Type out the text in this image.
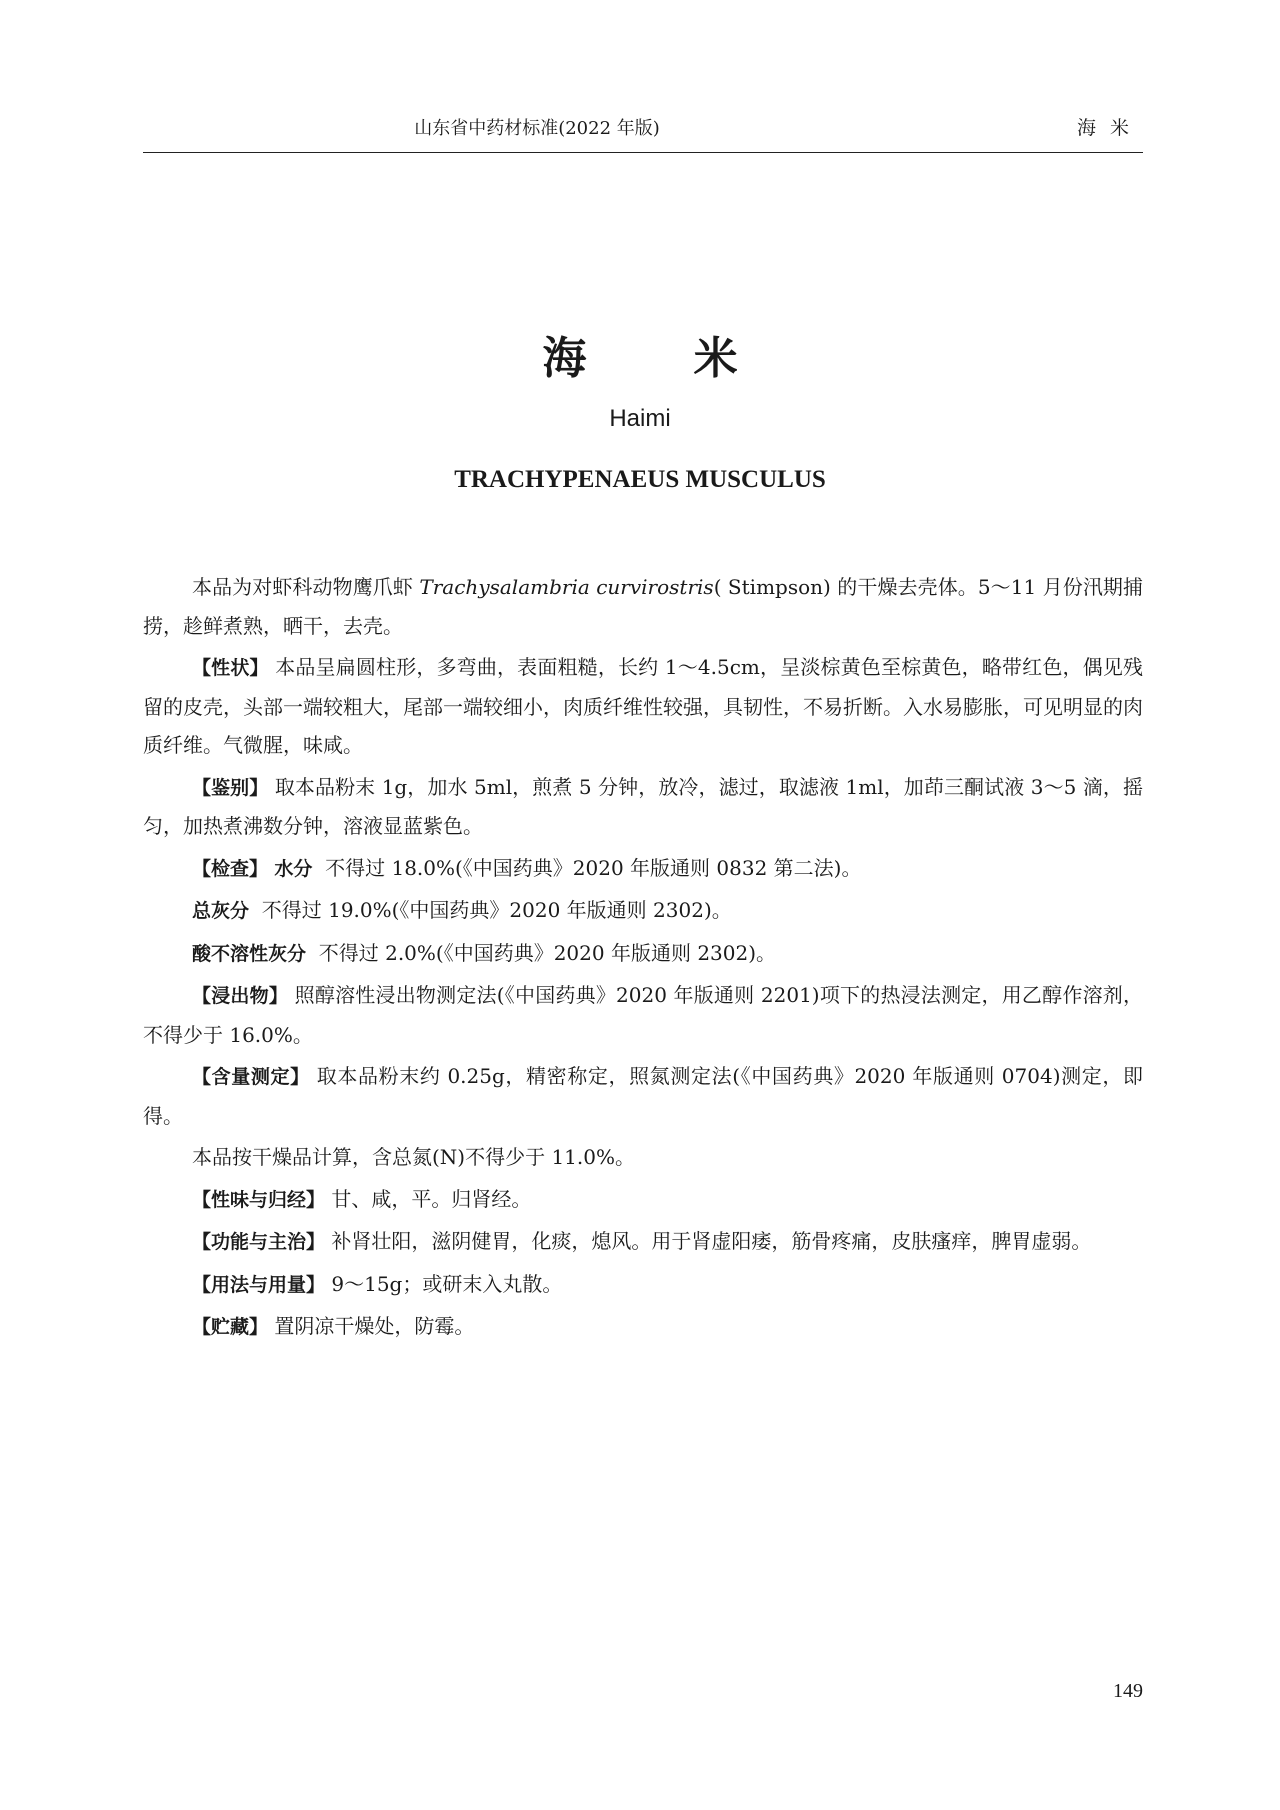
山东省中药材标准(2022 年版)	海米
海 米
Haimi
TRACHYPENAEUS MUSCULUS

本品为对虾科动物鹰爪虾 Trachysalambria curvirostris( Stimpson) 的干燥去壳体。5～11 月份汛期捕捞，趁鲜煮熟，晒干，去壳。

【性状】 本品呈扁圆柱形，多弯曲，表面粗糙，长约 1～4.5cm，呈淡棕黄色至棕黄色，略带红色，偶见残留的皮壳，头部一端较粗大，尾部一端较细小，肉质纤维性较强，具韧性，不易折断。入水易膨胀，可见明显的肉质纤维。气微腥，味咸。

【鉴别】 取本品粉末 1g，加水 5ml，煎煮 5 分钟，放冷，滤过，取滤液 1ml，加茚三酮试液 3～5 滴，摇匀，加热煮沸数分钟，溶液显蓝紫色。

【检查】 水分 不得过 18.0%(《中国药典》2020 年版通则 0832 第二法)。

总灰分 不得过 19.0%(《中国药典》2020 年版通则 2302)。

酸不溶性灰分 不得过 2.0%(《中国药典》2020 年版通则 2302)。

【浸出物】 照醇溶性浸出物测定法(《中国药典》2020 年版通则 2201)项下的热浸法测定，用乙醇作溶剂，不得少于 16.0%。

【含量测定】 取本品粉末约 0.25g，精密称定，照氮测定法(《中国药典》2020 年版通则 0704)测定，即得。

本品按干燥品计算，含总氮(N)不得少于 11.0%。

【性味与归经】 甘、咸，平。归肾经。

【功能与主治】 补肾壮阳，滋阴健胃，化痰，熄风。用于肾虚阳痿，筋骨疼痛，皮肤瘙痒，脾胃虚弱。

【用法与用量】 9～15g；或研末入丸散。

【贮藏】 置阴凉干燥处，防霉。

149
